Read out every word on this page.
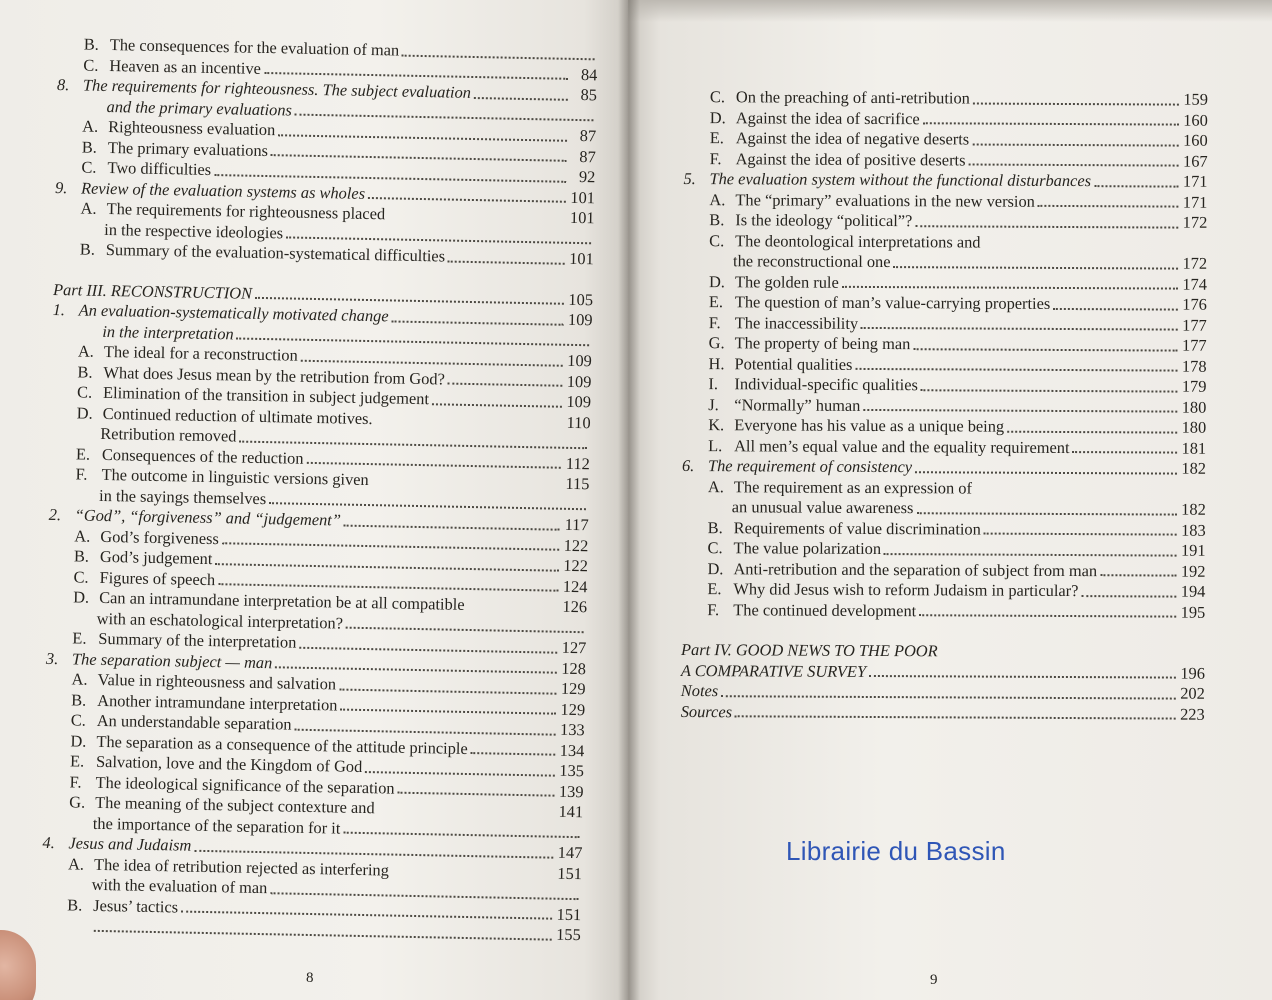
B. The consequences for the evaluation of man
C. Heaven as an incentive	84
8. The requirements for righteousness. The subject evaluation	85
and the primary evaluations
A. Righteousness evaluation	87
B. The primary evaluations	87
C. Two difficulties	92
9. Review of the evaluation systems as wholes	101
A. The requirements for righteousness placed	101
in the respective ideologies
B. Summary of the evaluation-systematical difficulties	101
Part III. RECONSTRUCTION	105
1. An evaluation-systematically motivated change	109
in the interpretation
A. The ideal for a reconstruction	109
B. What does Jesus mean by the retribution from God?	109
C. Elimination of the transition in subject judgement	109
D. Continued reduction of ultimate motives.	110
Retribution removed
E. Consequences of the reduction	112
F. The outcome in linguistic versions given	115
in the sayings themselves
2. “God”, “forgiveness” and “judgement”	117
A. God’s forgiveness	122
B. God’s judgement	122
C. Figures of speech	124
D. Can an intramundane interpretation be at all compatible	126
with an eschatological interpretation?
E. Summary of the interpretation	127
3. The separation subject — man	128
A. Value in righteousness and salvation	129
B. Another intramundane interpretation	129
C. An understandable separation	133
D. The separation as a consequence of the attitude principle	134
E. Salvation, love and the Kingdom of God	135
F. The ideological significance of the separation	139
G. The meaning of the subject contexture and	141
the importance of the separation for it
4. Jesus and Judaism	147
A. The idea of retribution rejected as interfering	151
with the evaluation of man
B. Jesus’ tactics	151
155
8	9
C. On the preaching of anti-retribution	159
D. Against the idea of sacrifice	160
E. Against the idea of negative deserts	160
F. Against the idea of positive deserts	167
5. The evaluation system without the functional disturbances	171
A. The “primary” evaluations in the new version	171
B. Is the ideology “political”?	172
C. The deontological interpretations and
the reconstructional one	172
D. The golden rule	174
E. The question of man’s value-carrying properties	176
F. The inaccessibility	177
G. The property of being man	177
H. Potential qualities	178
I. Individual-specific qualities	179
J. “Normally” human	180
K. Everyone has his value as a unique being	180
L. All men’s equal value and the equality requirement	181
6. The requirement of consistency	182
A. The requirement as an expression of
an unusual value awareness	182
B. Requirements of value discrimination	183
C. The value polarization	191
D. Anti-retribution and the separation of subject from man	192
E. Why did Jesus wish to reform Judaism in particular?	194
F. The continued development	195
Part IV. GOOD NEWS TO THE POOR
A COMPARATIVE SURVEY	196
Notes	202
Sources	223
Librairie du Bassin
